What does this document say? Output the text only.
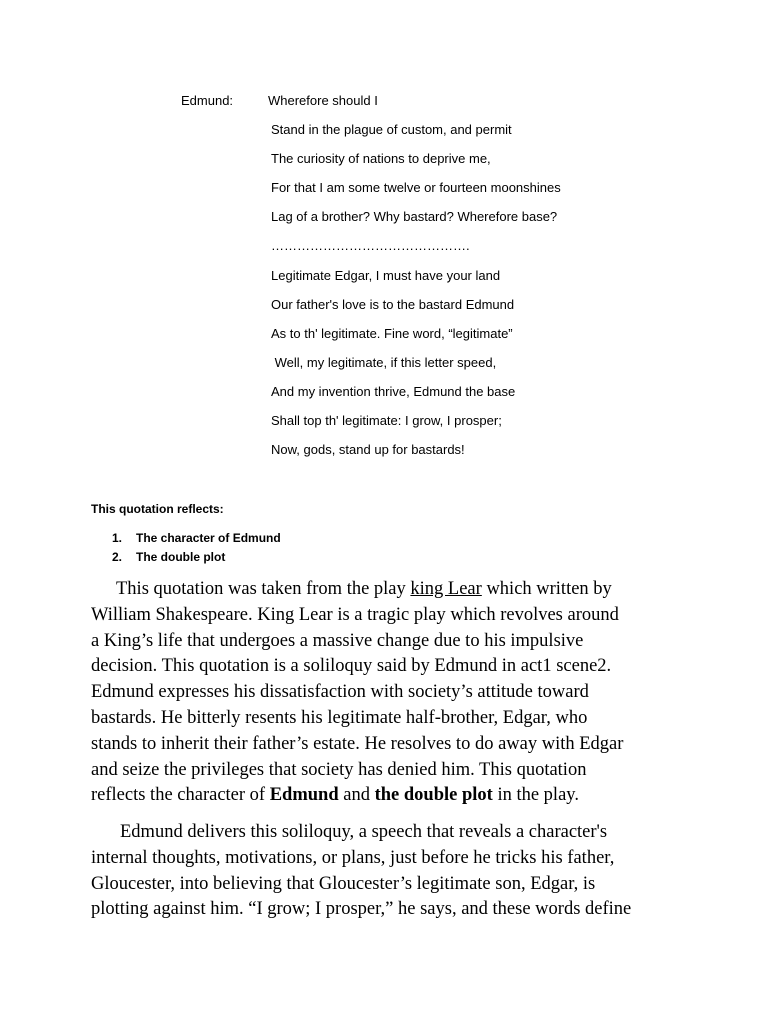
Edmund:	Wherefore should I
Stand in the plague of custom, and permit
The curiosity of nations to deprive me,
For that I am some twelve or fourteen moonshines
Lag of a brother? Why bastard? Wherefore base?
……………………………………….
Legitimate Edgar, I must have your land
Our father's love is to the bastard Edmund
As to th' legitimate. Fine word, “legitimate”
Well, my legitimate, if this letter speed,
And my invention thrive, Edmund the base
Shall top th' legitimate: I grow, I prosper;
Now, gods, stand up for bastards!
This quotation reflects:
1.	The character of Edmund
2.	The double plot

This quotation was taken from the play king Lear which written by
William Shakespeare. King Lear is a tragic play which revolves around
a King’s life that undergoes a massive change due to his impulsive
decision. This quotation is a soliloquy said by Edmund in act1 scene2.
Edmund expresses his dissatisfaction with society’s attitude toward
bastards. He bitterly resents his legitimate half-brother, Edgar, who
stands to inherit their father’s estate. He resolves to do away with Edgar
and seize the privileges that society has denied him. This quotation
reflects the character of Edmund and the double plot in the play.

Edmund delivers this soliloquy, a speech that reveals a character's
internal thoughts, motivations, or plans, just before he tricks his father,
Gloucester, into believing that Gloucester’s legitimate son, Edgar, is
plotting against him. “I grow; I prosper,” he says, and these words define
